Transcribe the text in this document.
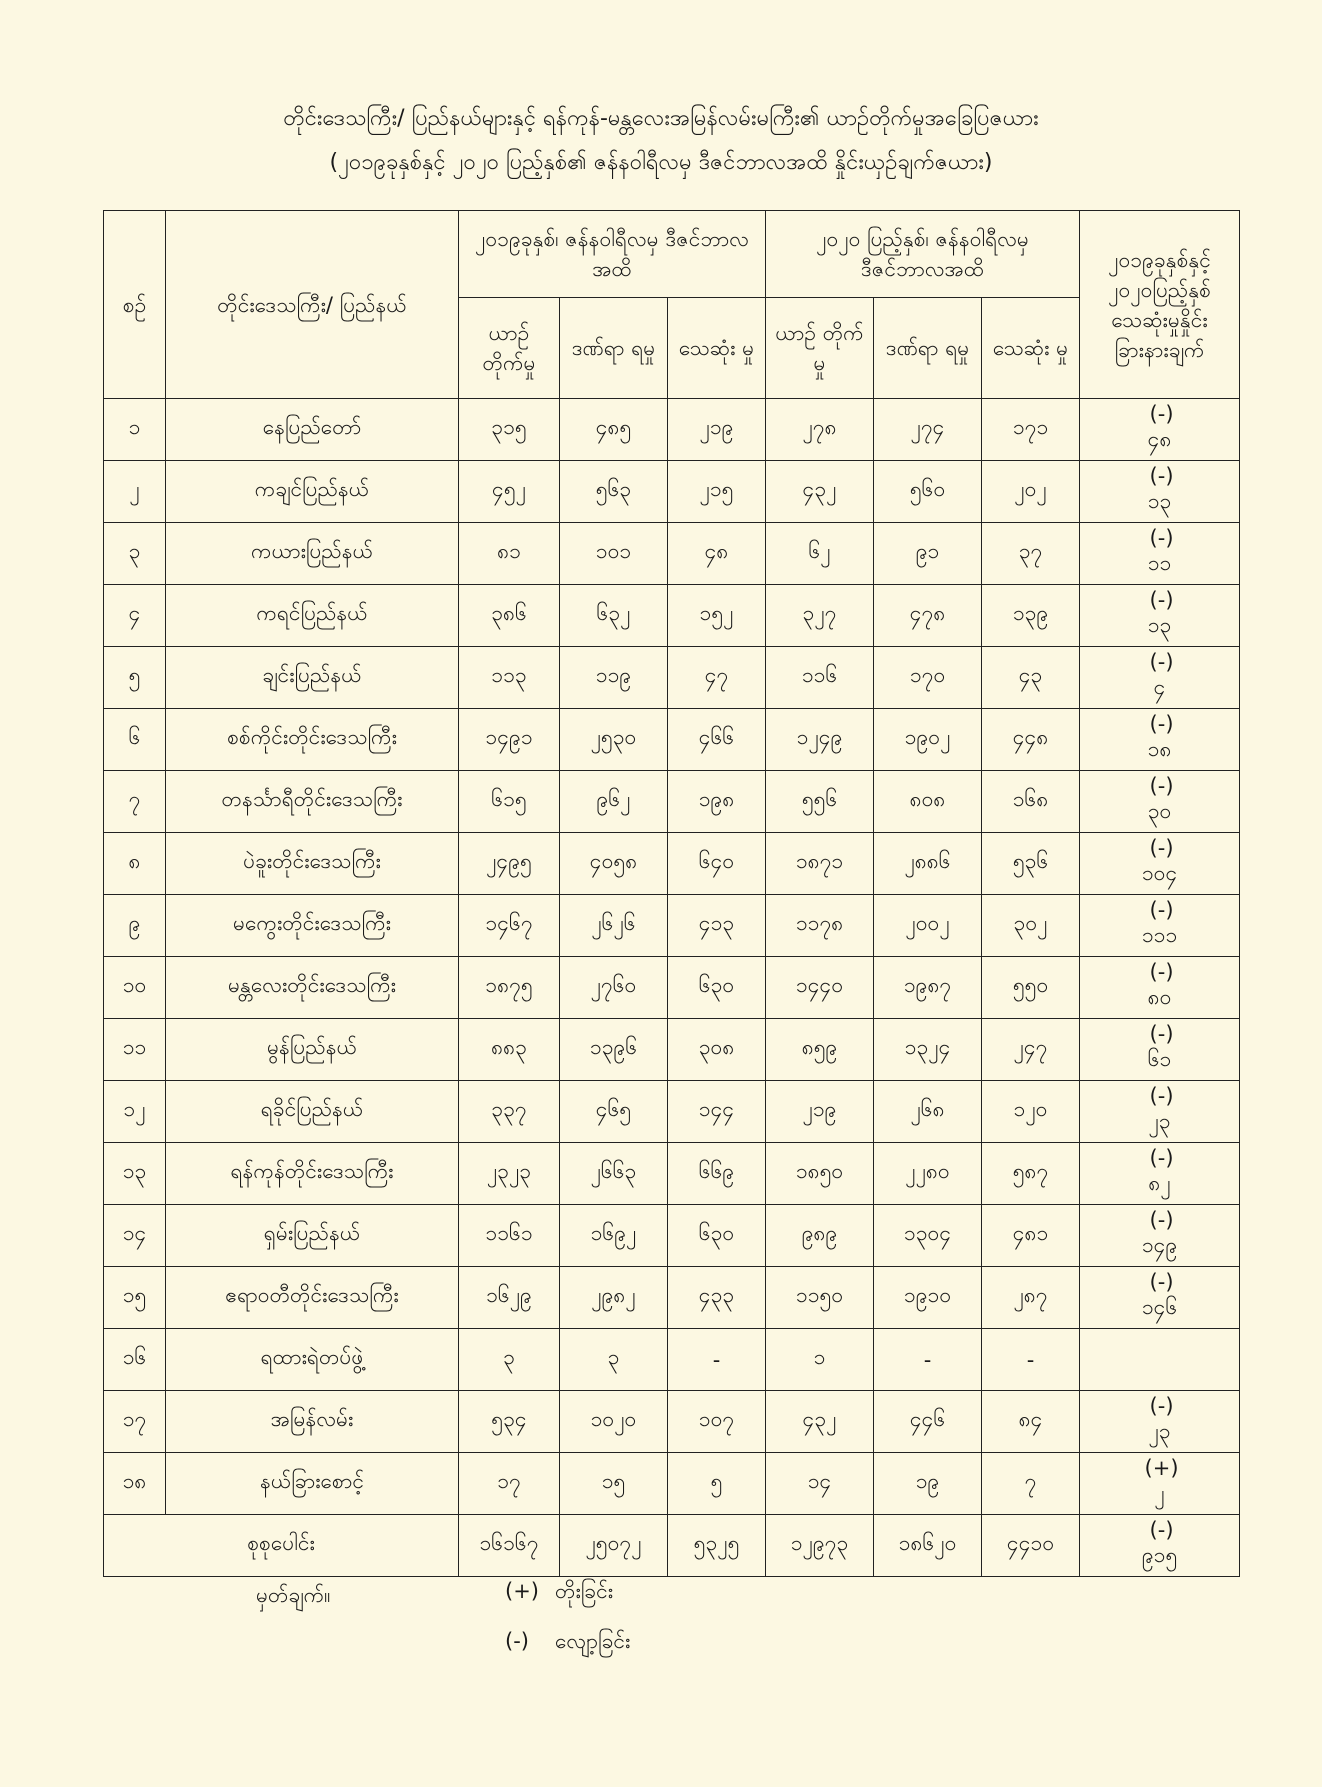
တိုင်းဒေသကြီး/ ပြည်နယ်များနှင့် ရန်ကုန်-မန္တလေးအမြန်လမ်းမကြီး၏ ယာဉ်တိုက်မှုအခြေပြဇယား
(၂၀၁၉ခုနှစ်နှင့် ၂၀၂၀ ပြည့်နှစ်၏ ဇန်နဝါရီလမှ ဒီဇင်ဘာလအထိ နှိုင်းယှဉ်ချက်ဇယား)
စဉ်	တိုင်းဒေသကြီး/ ပြည်နယ်	၂၀၁၉ခုနှစ်၊ ဇန်နဝါရီလမှ ဒီဇင်ဘာလအထိ			၂၀၂၀ ပြည့်နှစ်၊ ဇန်နဝါရီလမှ ဒီဇင်ဘာလအထိ			၂၀၁၉ခုနှစ်နှင့် ၂၀၂၀ပြည့်နှစ် သေဆုံးမှုနှိုင်း ခြားနားချက်
		ယာဉ် တိုက်မှု	ဒဏ်ရာ ရမှု	သေဆုံး မှု	ယာဉ် တိုက်မှု	ဒဏ်ရာ ရမှု	သေဆုံး မှု	
၁	နေပြည်တော်	၃၁၅	၄၈၅	၂၁၉	၂၇၈	၂၇၄	၁၇၁	(-)၄၈
၂	ကချင်ပြည်နယ်	၄၅၂	၅၆၃	၂၁၅	၄၃၂	၅၆၀	၂၀၂	(-)၁၃
၃	ကယားပြည်နယ်	၈၁	၁၀၁	၄၈	၆၂	၉၁	၃၇	(-)၁၁
၄	ကရင်ပြည်နယ်	၃၈၆	၆၃၂	၁၅၂	၃၂၇	၄၇၈	၁၃၉	(-)၁၃
၅	ချင်းပြည်နယ်	၁၁၃	၁၁၉	၄၇	၁၁၆	၁၇၀	၄၃	(-)၄
၆	စစ်ကိုင်းတိုင်းဒေသကြီး	၁၄၉၁	၂၅၃၀	၄၆၆	၁၂၄၉	၁၉၀၂	၄၄၈	(-)၁၈
၇	တနင်္သာရီတိုင်းဒေသကြီး	၆၁၅	၉၆၂	၁၉၈	၅၅၆	၈၀၈	၁၆၈	(-)၃၀
၈	ပဲခူးတိုင်းဒေသကြီး	၂၄၉၅	၄၀၅၈	၆၄၀	၁၈၇၁	၂၈၈၆	၅၃၆	(-)၁၀၄
၉	မကွေးတိုင်းဒေသကြီး	၁၄၆၇	၂၆၂၆	၄၁၃	၁၁၇၈	၂၀၀၂	၃၀၂	(-)၁၁၁
၁၀	မန္တလေးတိုင်းဒေသကြီး	၁၈၇၅	၂၇၆၀	၆၃၀	၁၄၄၀	၁၉၈၇	၅၅၀	(-)၈၀
၁၁	မွန်ပြည်နယ်	၈၈၃	၁၃၉၆	၃၀၈	၈၅၉	၁၃၂၄	၂၄၇	(-)၆၁
၁၂	ရခိုင်ပြည်နယ်	၃၃၇	၄၆၅	၁၄၄	၂၁၉	၂၆၈	၁၂၀	(-)၂၃
၁၃	ရန်ကုန်တိုင်းဒေသကြီး	၂၃၂၃	၂၆၆၃	၆၆၉	၁၈၅၀	၂၂၈၀	၅၈၇	(-)၈၂
၁၄	ရှမ်းပြည်နယ်	၁၁၆၁	၁၆၉၂	၆၃၀	၉၈၉	၁၃၀၄	၄၈၁	(-)၁၄၉
၁၅	ဧရာဝတီတိုင်းဒေသကြီး	၁၆၂၉	၂၉၈၂	၄၃၃	၁၁၅၀	၁၉၁၀	၂၈၇	(-)၁၄၆
၁၆	ရထားရဲတပ်ဖွဲ့	၃	၃	-	၁	-	-	
၁၇	အမြန်လမ်း	၅၃၄	၁၀၂၀	၁၀၇	၄၃၂	၄၄၆	၈၄	(-)၂၃
၁၈	နယ်ခြားစောင့်	၁၇	၁၅	၅	၁၄	၁၉	၇	(+)၂
စုစုပေါင်း		၁၆၁၆၇	၂၅၀၇၂	၅၃၂၅	၁၂၉၇၃	၁၈၆၂၀	၄၄၁၀	(-)၉၁၅
မှတ်ချက်။	(+) တိုးခြင်း
(-) လျော့ခြင်း
